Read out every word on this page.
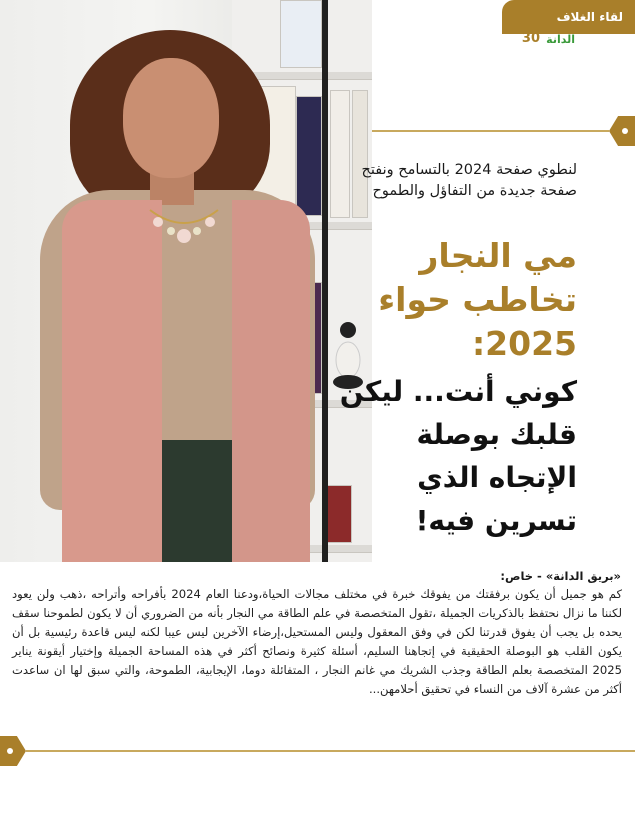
لقاء الغلاف
الدانة
30
لنطوي صفحة 2024 بالتسامح ونفتح صفحة جديدة من التفاؤل والطموح
مي النجار تخاطب حواء 2025:
كوني أنت... ليكن قلبك بوصلة الإتجاه الذي تسرين فيه!
«بريق الدانة» - خاص:
كم هو جميل أن يكون برفقتك من يفوقك خبرة في مختلف مجالات الحياة،ودعنا العام 2024 بأفراحه وأتراحه ،ذهب ولن يعود لكننا ما نزال نحتفظ بالذكريات الجميلة ،تقول المتخصصة في علم الطاقة مي النجار بأنه من الضروري أن لا يكون لطموحنا سقف يحده بل يجب أن يفوق قدرتنا لكن في وفق المعقول وليس المستحيل،إرضاء الآخرين ليس عيبا لكنه ليس قاعدة رئيسية بل أن يكون القلب هو البوصلة الحقيقية في إتجاهنا السليم، أسئلة كثيرة ونصائح أكثر في هذه المساحة الجميلة وإختيار أيقونة يناير 2025 المتخصصة بعلم الطاقة وجذب الشريك مي غانم النجار ، المتفائلة دوما، الإيجابية، الطموحة، والتي سبق لها ان ساعدت أكثر من عشرة آلاف من النساء في تحقيق أحلامهن...
